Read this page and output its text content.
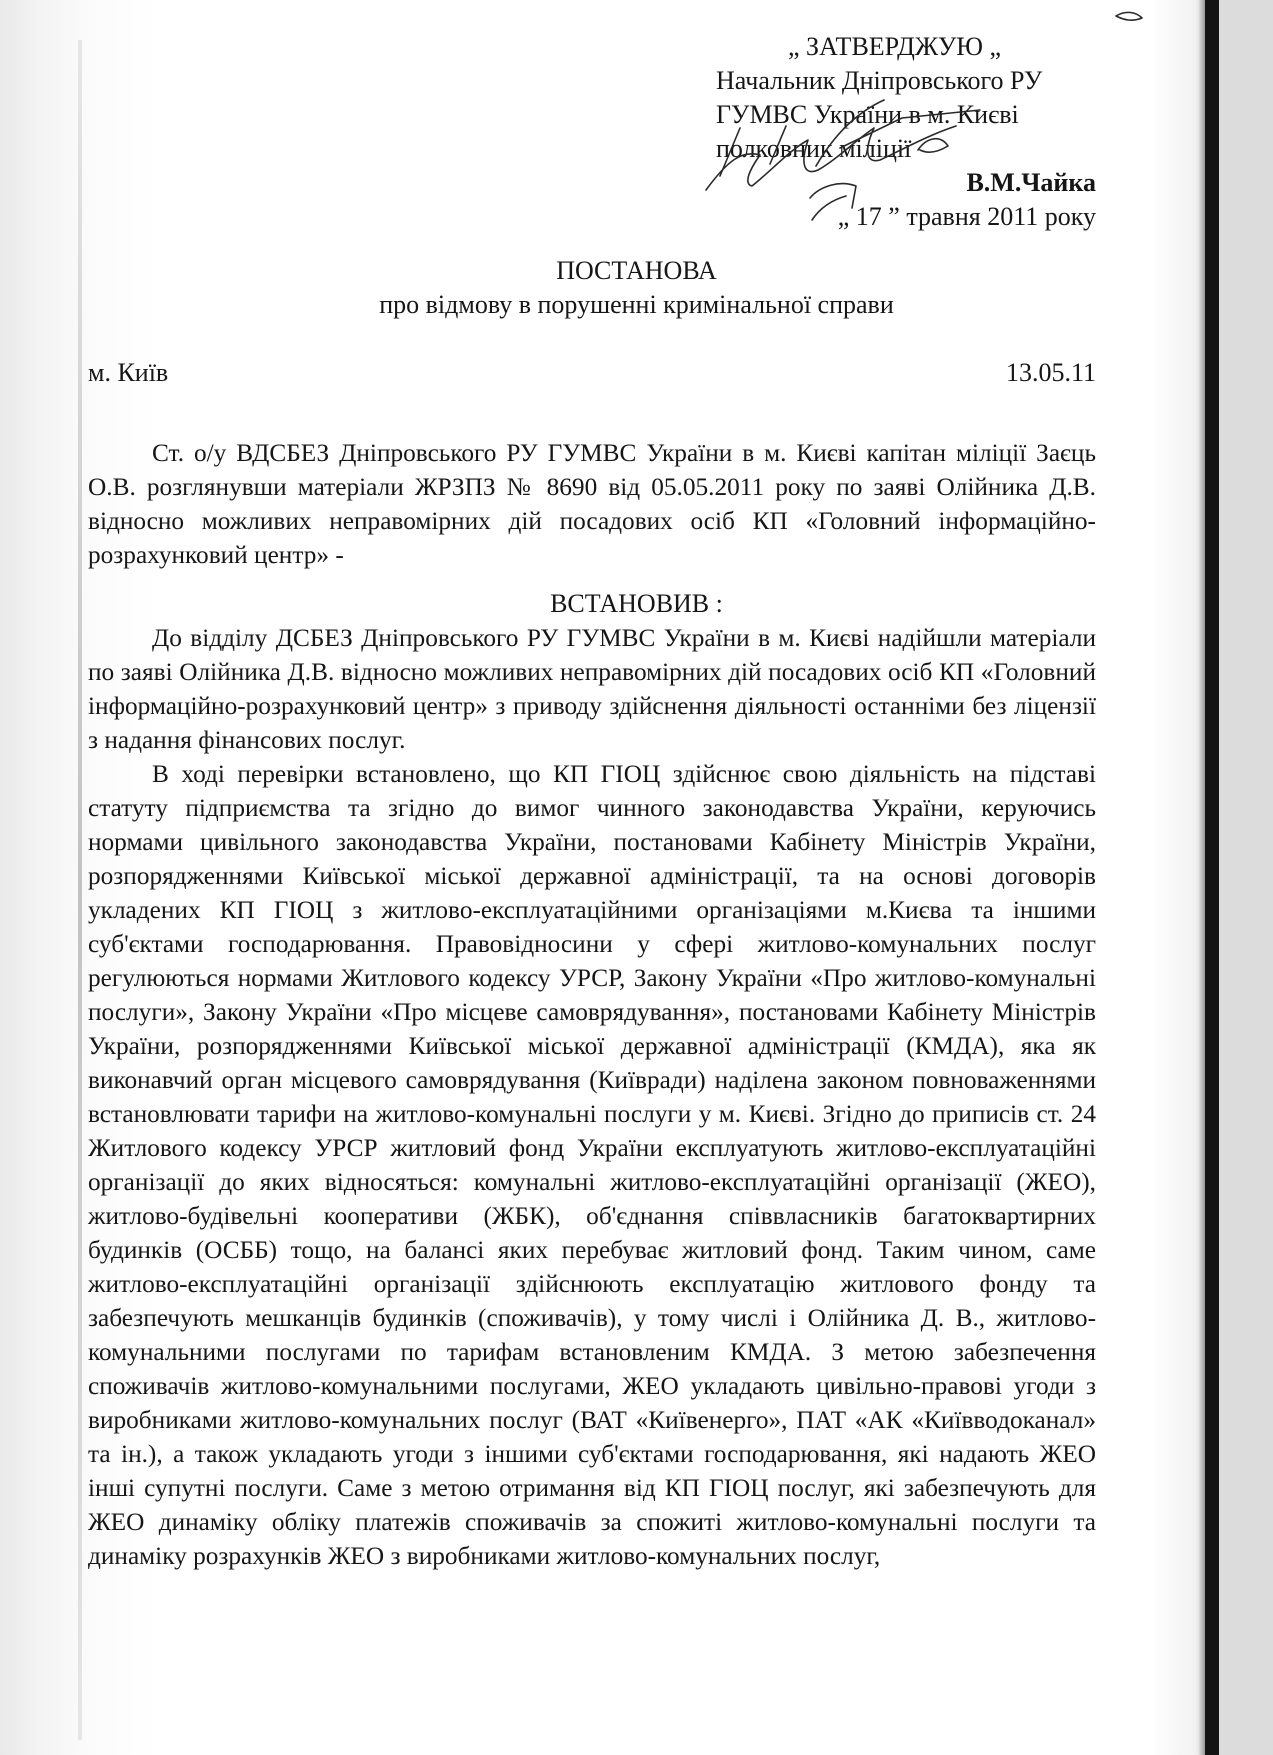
„ ЗАТВЕРДЖУЮ „
Начальник Дніпровського РУ
ГУМВС України в м. Києві
полковник міліції
В.М.Чайка
„ 17 ” травня 2011 року
ПОСТАНОВА
про відмову в порушенні кримінальної справи
м. Київ	13.05.11

Ст. о/у ВДСБЕЗ Дніпровського РУ ГУМВС України в м. Києві капітан міліції Заєць О.В. розглянувши матеріали ЖРЗПЗ № 8690 від 05.05.2011 року по заяві Олійника Д.В. відносно можливих неправомірних дій посадових осіб КП «Головний інформаційно-розрахунковий центр» -

ВСТАНОВИВ :

До відділу ДСБЕЗ Дніпровського РУ ГУМВС України в м. Києві надійшли матеріали по заяві Олійника Д.В. відносно можливих неправомірних дій посадових осіб КП «Головний інформаційно-розрахунковий центр» з приводу здійснення діяльності останніми без ліцензії з надання фінансових послуг.

В ході перевірки встановлено, що КП ГІОЦ здійснює свою діяльність на підставі статуту підприємства та згідно до вимог чинного законодавства України, керуючись нормами цивільного законодавства України, постановами Кабінету Міністрів України, розпорядженнями Київської міської державної адміністрації, та на основі договорів укладених КП ГІОЦ з житлово-експлуатаційними організаціями м.Києва та іншими суб'єктами господарювання. Правовідносини у сфері житлово-комунальних послуг регулюються нормами Житлового кодексу УРСР, Закону України «Про житлово-комунальні послуги», Закону України «Про місцеве самоврядування», постановами Кабінету Міністрів України, розпорядженнями Київської міської державної адміністрації (КМДА), яка як виконавчий орган місцевого самоврядування (Київради) наділена законом повноваженнями встановлювати тарифи на житлово-комунальні послуги у м. Києві. Згідно до приписів ст. 24 Житлового кодексу УРСР житловий фонд України експлуатують житлово-експлуатаційні організації до яких відносяться: комунальні житлово-експлуатаційні організації (ЖЕО), житлово-будівельні кооперативи (ЖБК), об'єднання співвласників багатоквартирних будинків (ОСББ) тощо, на балансі яких перебуває житловий фонд. Таким чином, саме житлово-експлуатаційні організації здійснюють експлуатацію житлового фонду та забезпечують мешканців будинків (споживачів), у тому числі і Олійника Д. В., житлово-комунальними послугами по тарифам встановленим КМДА. З метою забезпечення споживачів житлово-комунальними послугами, ЖЕО укладають цивільно-правові угоди з виробниками житлово-комунальних послуг (ВАТ «Київенерго», ПАТ «АК «Київводоканал» та ін.), а також укладають угоди з іншими суб'єктами господарювання, які надають ЖЕО інші супутні послуги. Саме з метою отримання від КП ГІОЦ послуг, які забезпечують для ЖЕО динаміку обліку платежів споживачів за спожиті житлово-комунальні послуги та динаміку розрахунків ЖЕО з виробниками житлово-комунальних послуг,
